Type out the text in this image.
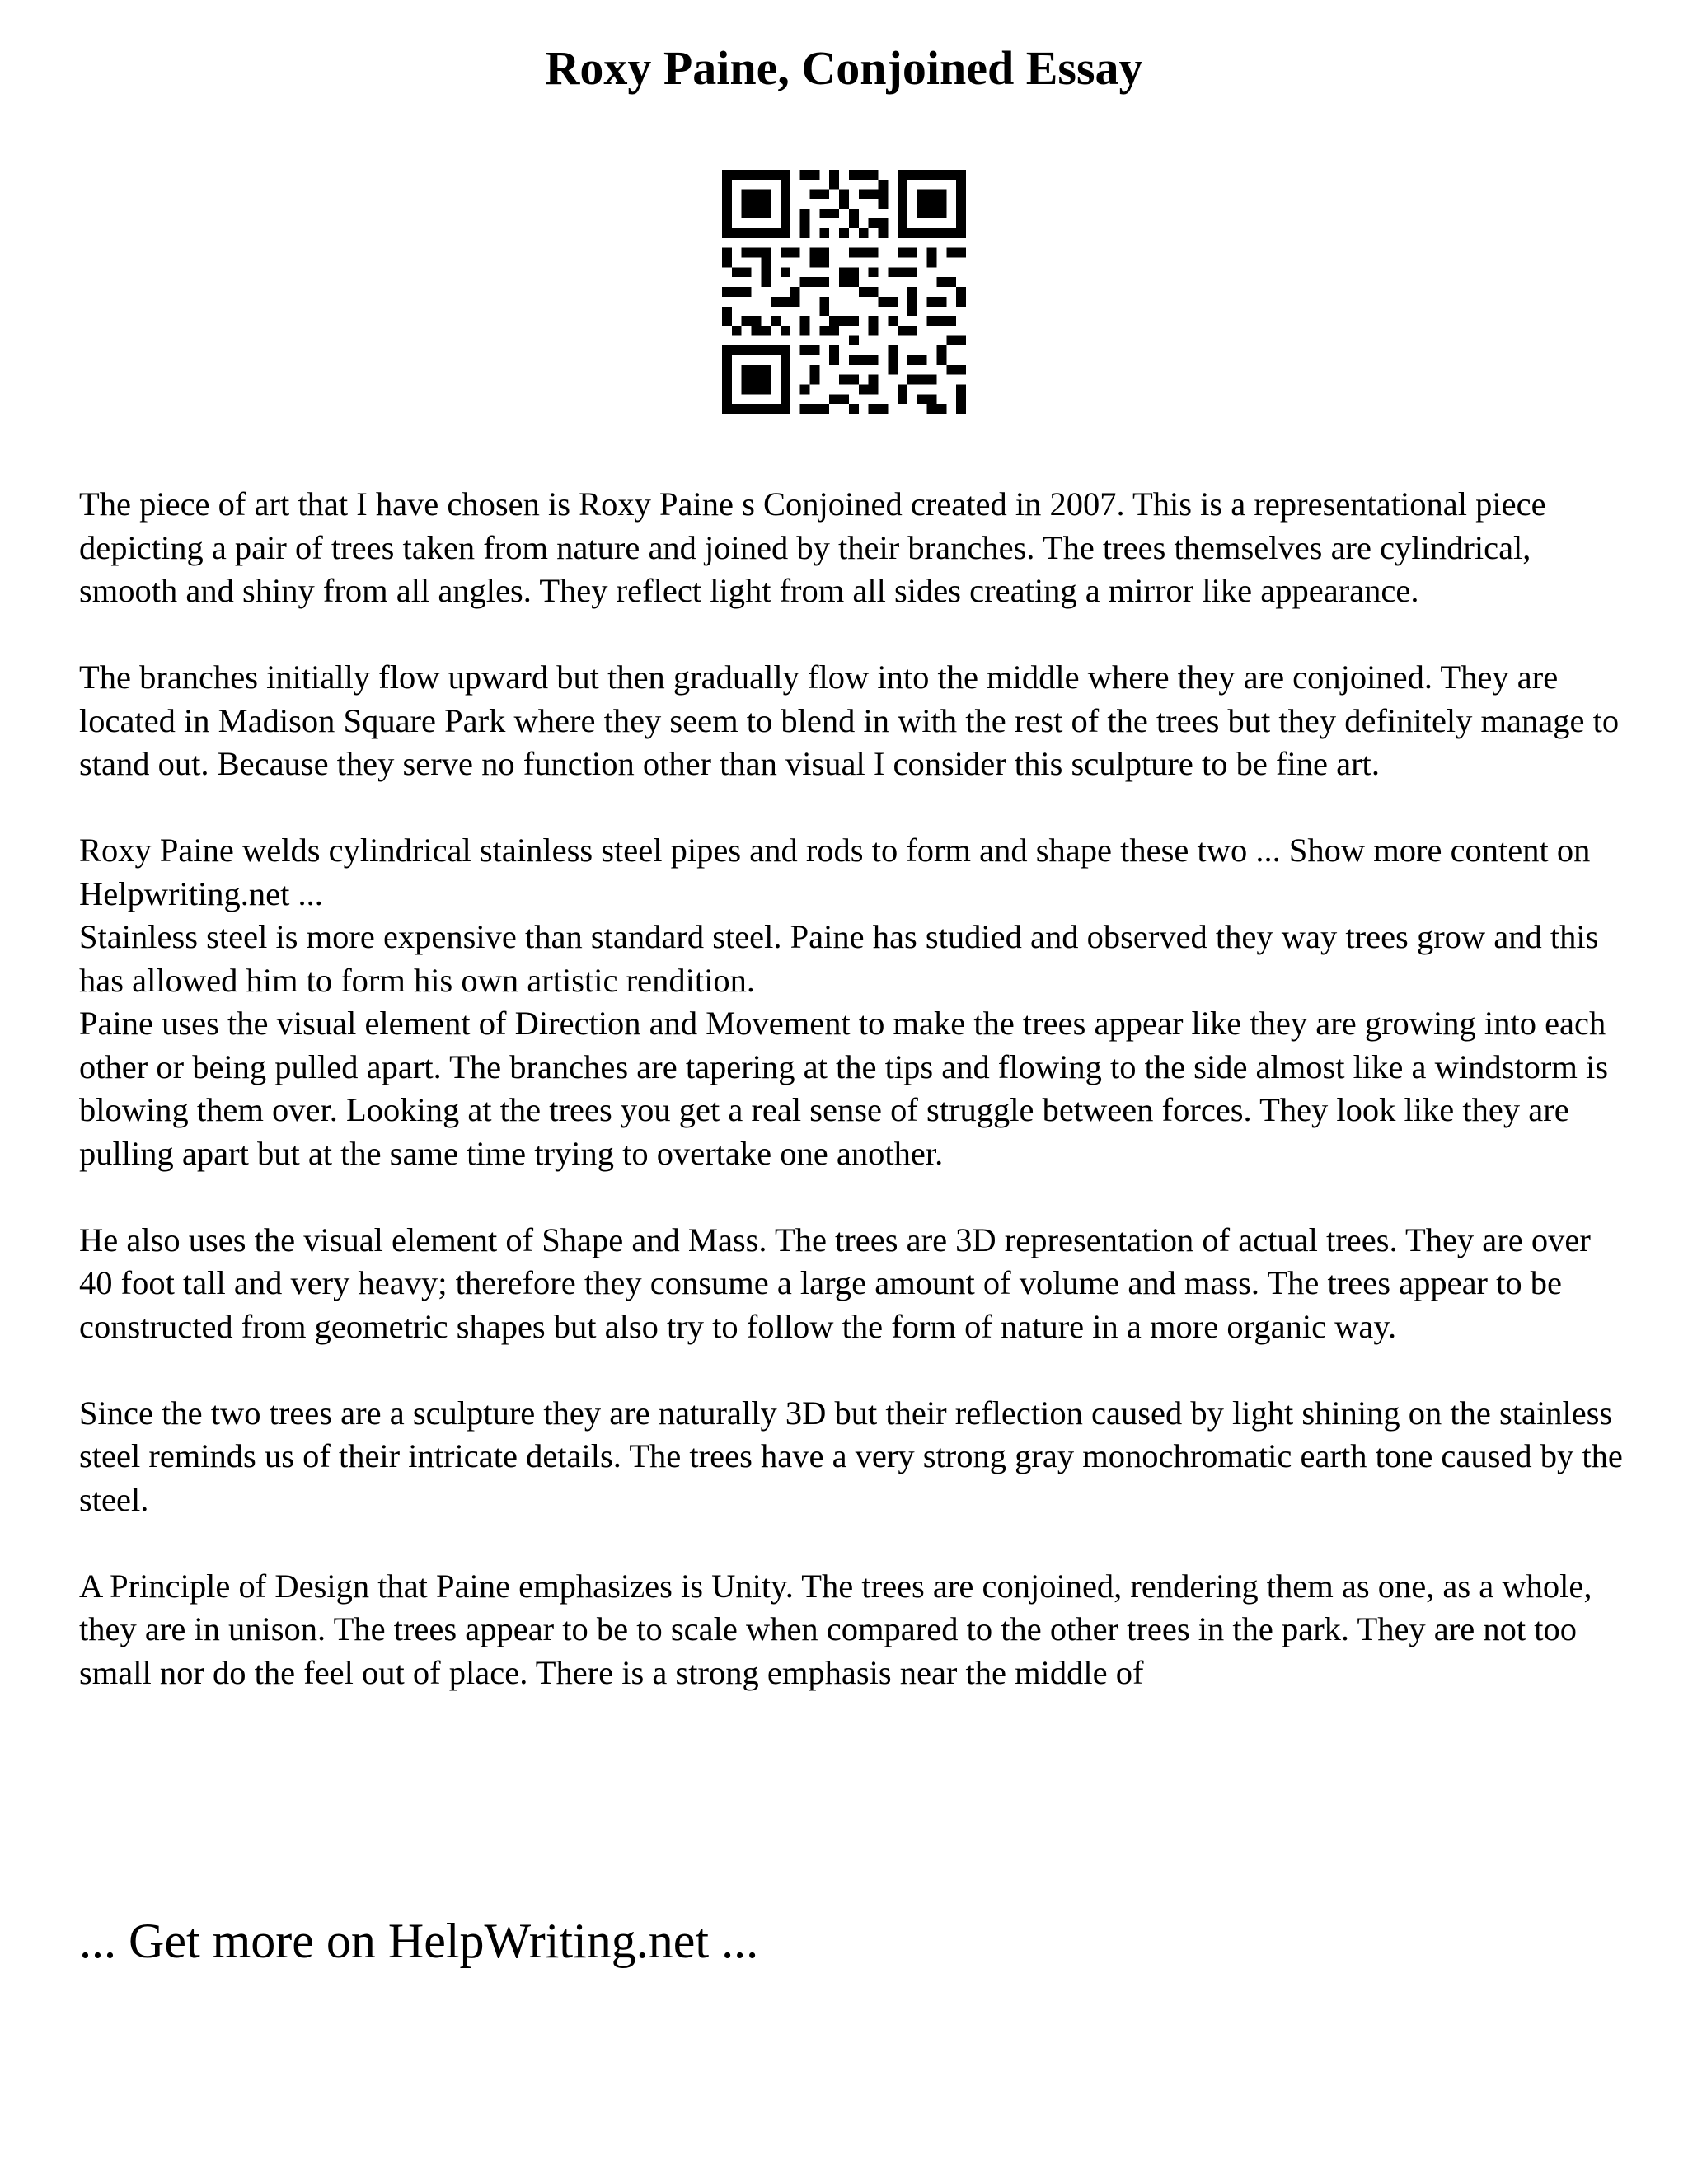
Roxy Paine, Conjoined Essay

The piece of art that I have chosen is Roxy Paine s Conjoined created in 2007. This is a representational piece depicting a pair of trees taken from nature and joined by their branches. The trees themselves are cylindrical, smooth and shiny from all angles. They reflect light from all sides creating a mirror like appearance.

The branches initially flow upward but then gradually flow into the middle where they are conjoined. They are located in Madison Square Park where they seem to blend in with the rest of the trees but they definitely manage to stand out. Because they serve no function other than visual I consider this sculpture to be fine art.

Roxy Paine welds cylindrical stainless steel pipes and rods to form and shape these two ... Show more content on Helpwriting.net ...

Stainless steel is more expensive than standard steel. Paine has studied and observed they way trees grow and this has allowed him to form his own artistic rendition.

Paine uses the visual element of Direction and Movement to make the trees appear like they are growing into each other or being pulled apart. The branches are tapering at the tips and flowing to the side almost like a windstorm is blowing them over. Looking at the trees you get a real sense of struggle between forces. They look like they are pulling apart but at the same time trying to overtake one another.

He also uses the visual element of Shape and Mass. The trees are 3D representation of actual trees. They are over 40 foot tall and very heavy; therefore they consume a large amount of volume and mass. The trees appear to be constructed from geometric shapes but also try to follow the form of nature in a more organic way.

Since the two trees are a sculpture they are naturally 3D but their reflection caused by light shining on the stainless steel reminds us of their intricate details. The trees have a very strong gray monochromatic earth tone caused by the steel.

A Principle of Design that Paine emphasizes is Unity. The trees are conjoined, rendering them as one, as a whole, they are in unison. The trees appear to be to scale when compared to the other trees in the park. They are not too small nor do the feel out of place. There is a strong emphasis near the middle of

... Get more on HelpWriting.net ...
